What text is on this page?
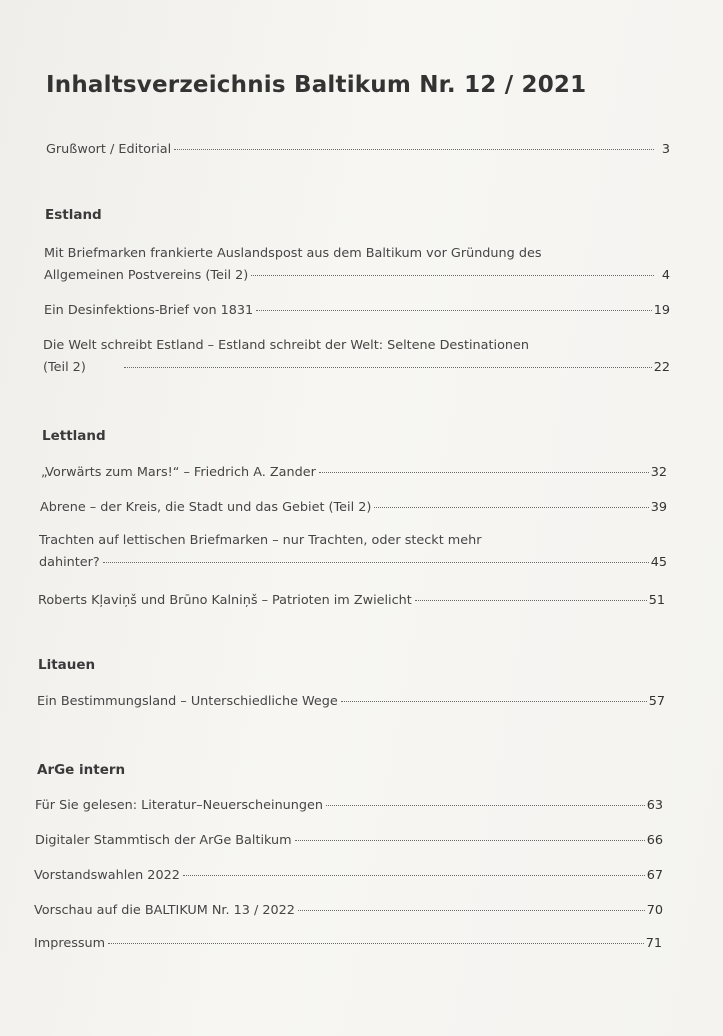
Inhaltsverzeichnis Baltikum Nr. 12 / 2021
Grußwort / Editorial	3
Estland
Mit Briefmarken frankierte Auslandspost aus dem Baltikum vor Gründung des
Allgemeinen Postvereins (Teil 2)	4
Ein Desinfektions-Brief von 1831	19
Die Welt schreibt Estland – Estland schreibt der Welt: Seltene Destinationen
(Teil 2)	22
Lettland
„Vorwärts zum Mars!“ – Friedrich A. Zander	32
Abrene – der Kreis, die Stadt und das Gebiet (Teil 2)	39
Trachten auf lettischen Briefmarken – nur Trachten, oder steckt mehr
dahinter?	45
Roberts Kļaviņš und Brūno Kalniņš – Patrioten im Zwielicht	51
Litauen
Ein Bestimmungsland – Unterschiedliche Wege	57
ArGe intern
Für Sie gelesen: Literatur–Neuerscheinungen	63
Digitaler Stammtisch der ArGe Baltikum	66
Vorstandswahlen 2022	67
Vorschau auf die BALTIKUM Nr. 13 / 2022	70
Impressum	71
